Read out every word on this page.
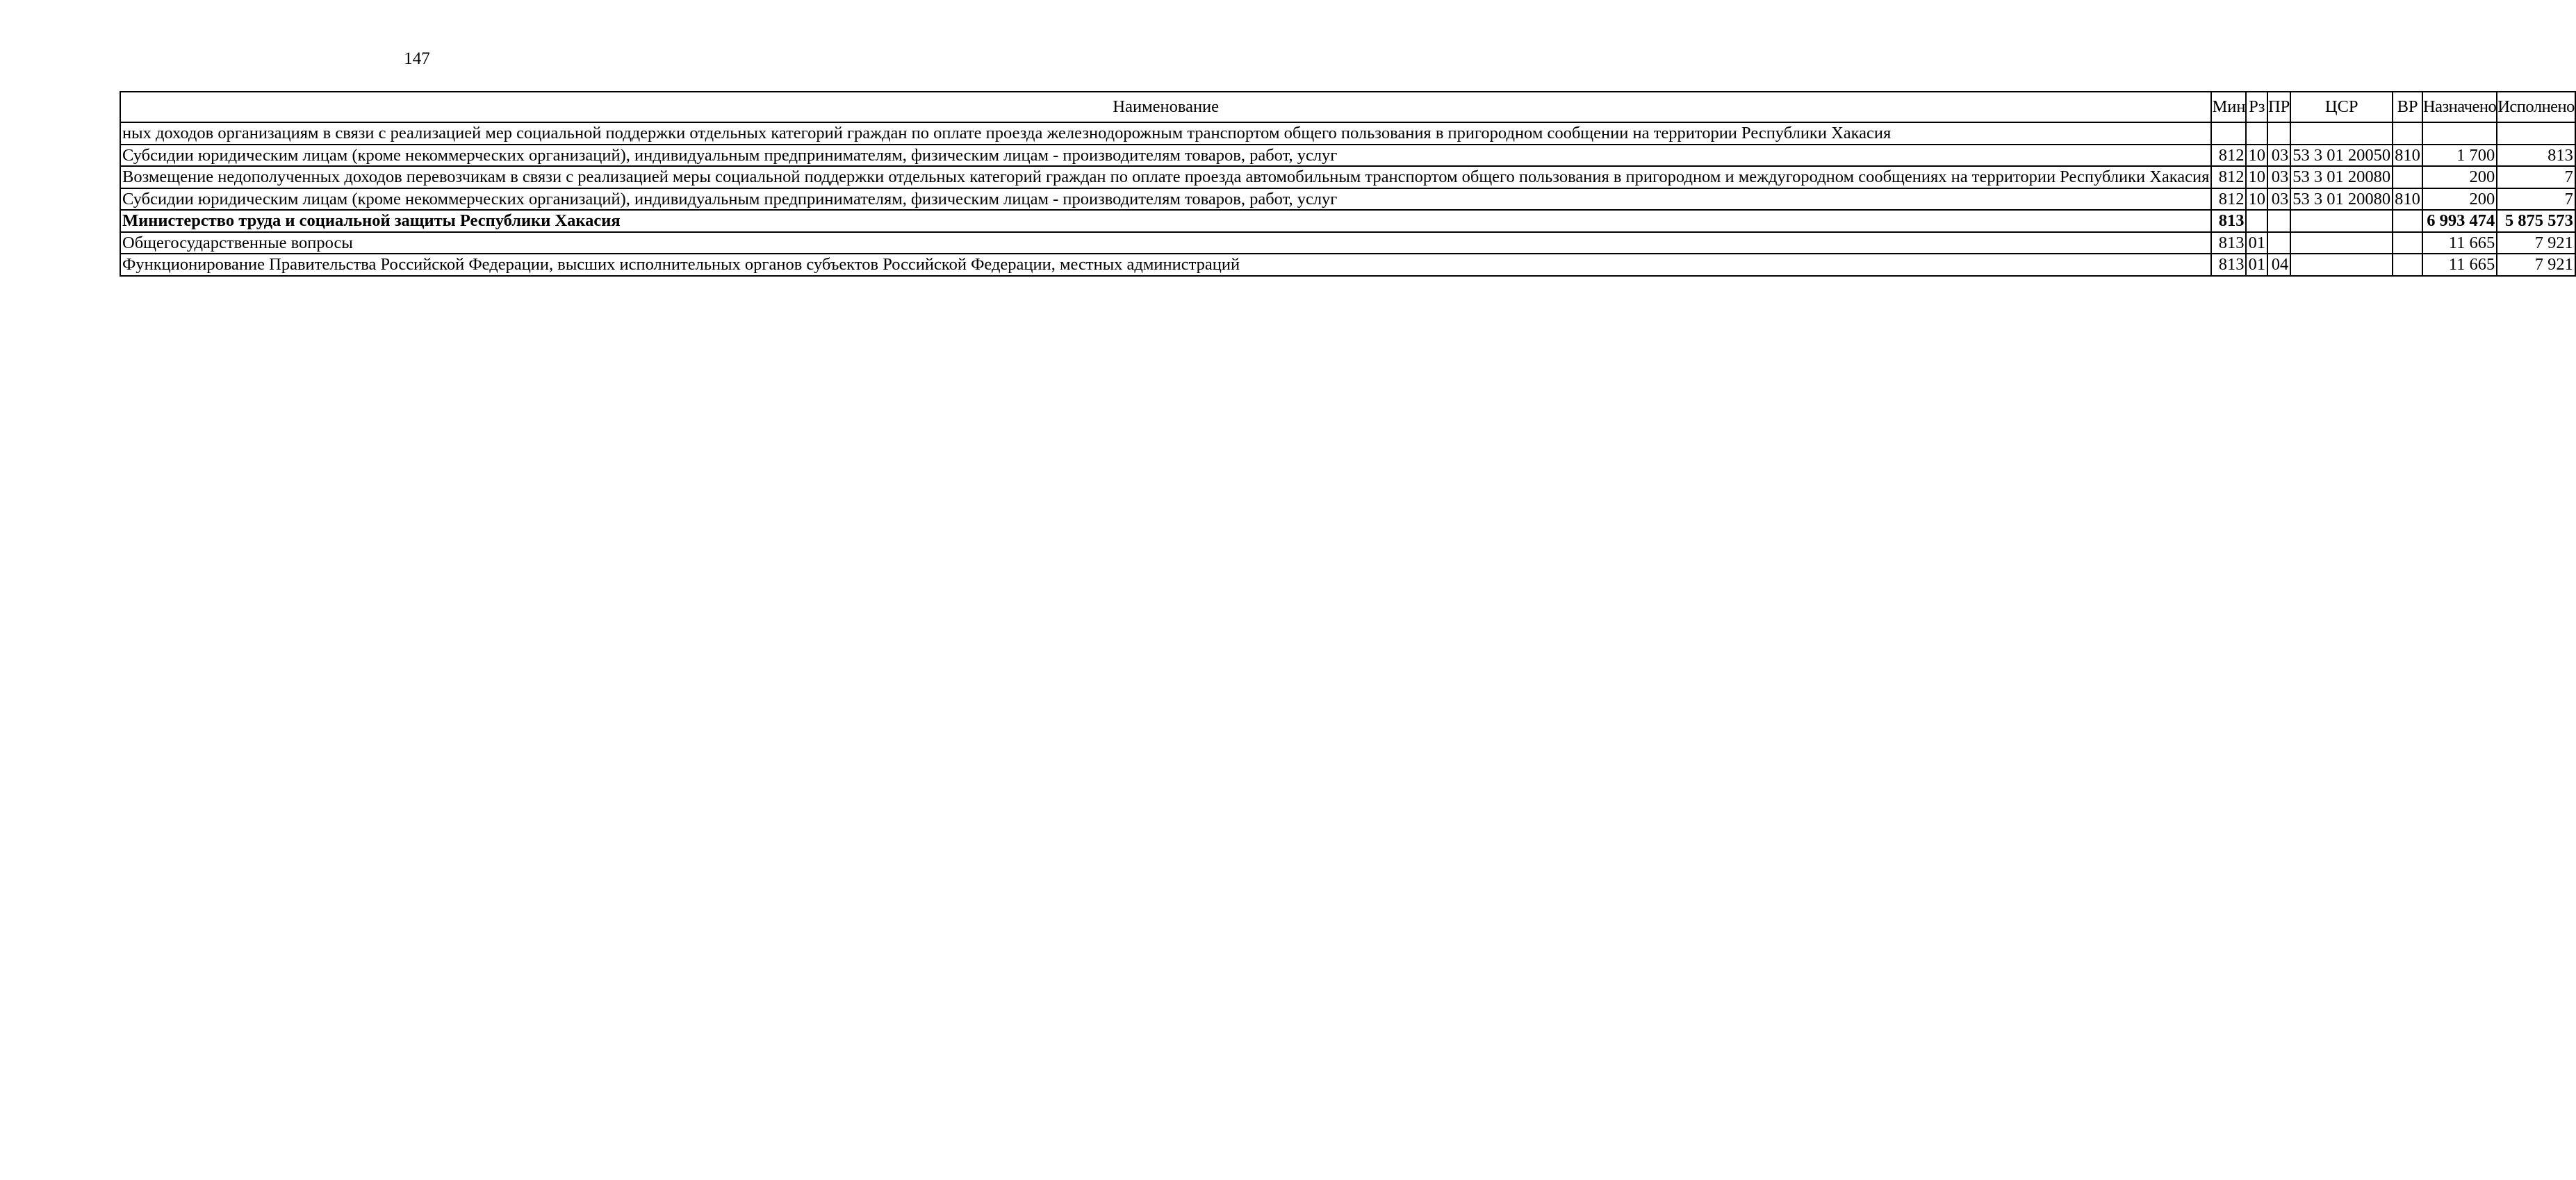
147
Наименование	Мин	Рз	ПР	ЦСР	ВР	Назначено	Исполнено
ных доходов организациям в связи с реализацией мер социальной поддержки отдельных категорий граждан по оплате проезда железнодорожным транспортом общего пользования в пригородном сообщении на территории Республики Хакасия							
Субсидии юридическим лицам (кроме некоммерческих организаций), индивидуальным предпринимателям, физическим лицам - производителям товаров, работ, услуг	812	10	03	53 3 01 20050	810	1 700	813
Возмещение недополученных доходов перевозчикам в связи с реализацией меры социальной поддержки отдельных категорий граждан по оплате проезда автомобильным транспортом общего пользования в пригородном и междугородном сообщениях на территории Республики Хакасия	812	10	03	53 3 01 20080		200	7
Субсидии юридическим лицам (кроме некоммерческих организаций), индивидуальным предпринимателям, физическим лицам - производителям товаров, работ, услуг	812	10	03	53 3 01 20080	810	200	7
Министерство труда и социальной защиты Республики Хакасия	813					6 993 474	5 875 573
Общегосударственные вопросы	813	01				11 665	7 921
Функционирование Правительства Российской Федерации, высших исполнительных органов субъектов Российской Федерации, местных администраций	813	01	04			11 665	7 921
